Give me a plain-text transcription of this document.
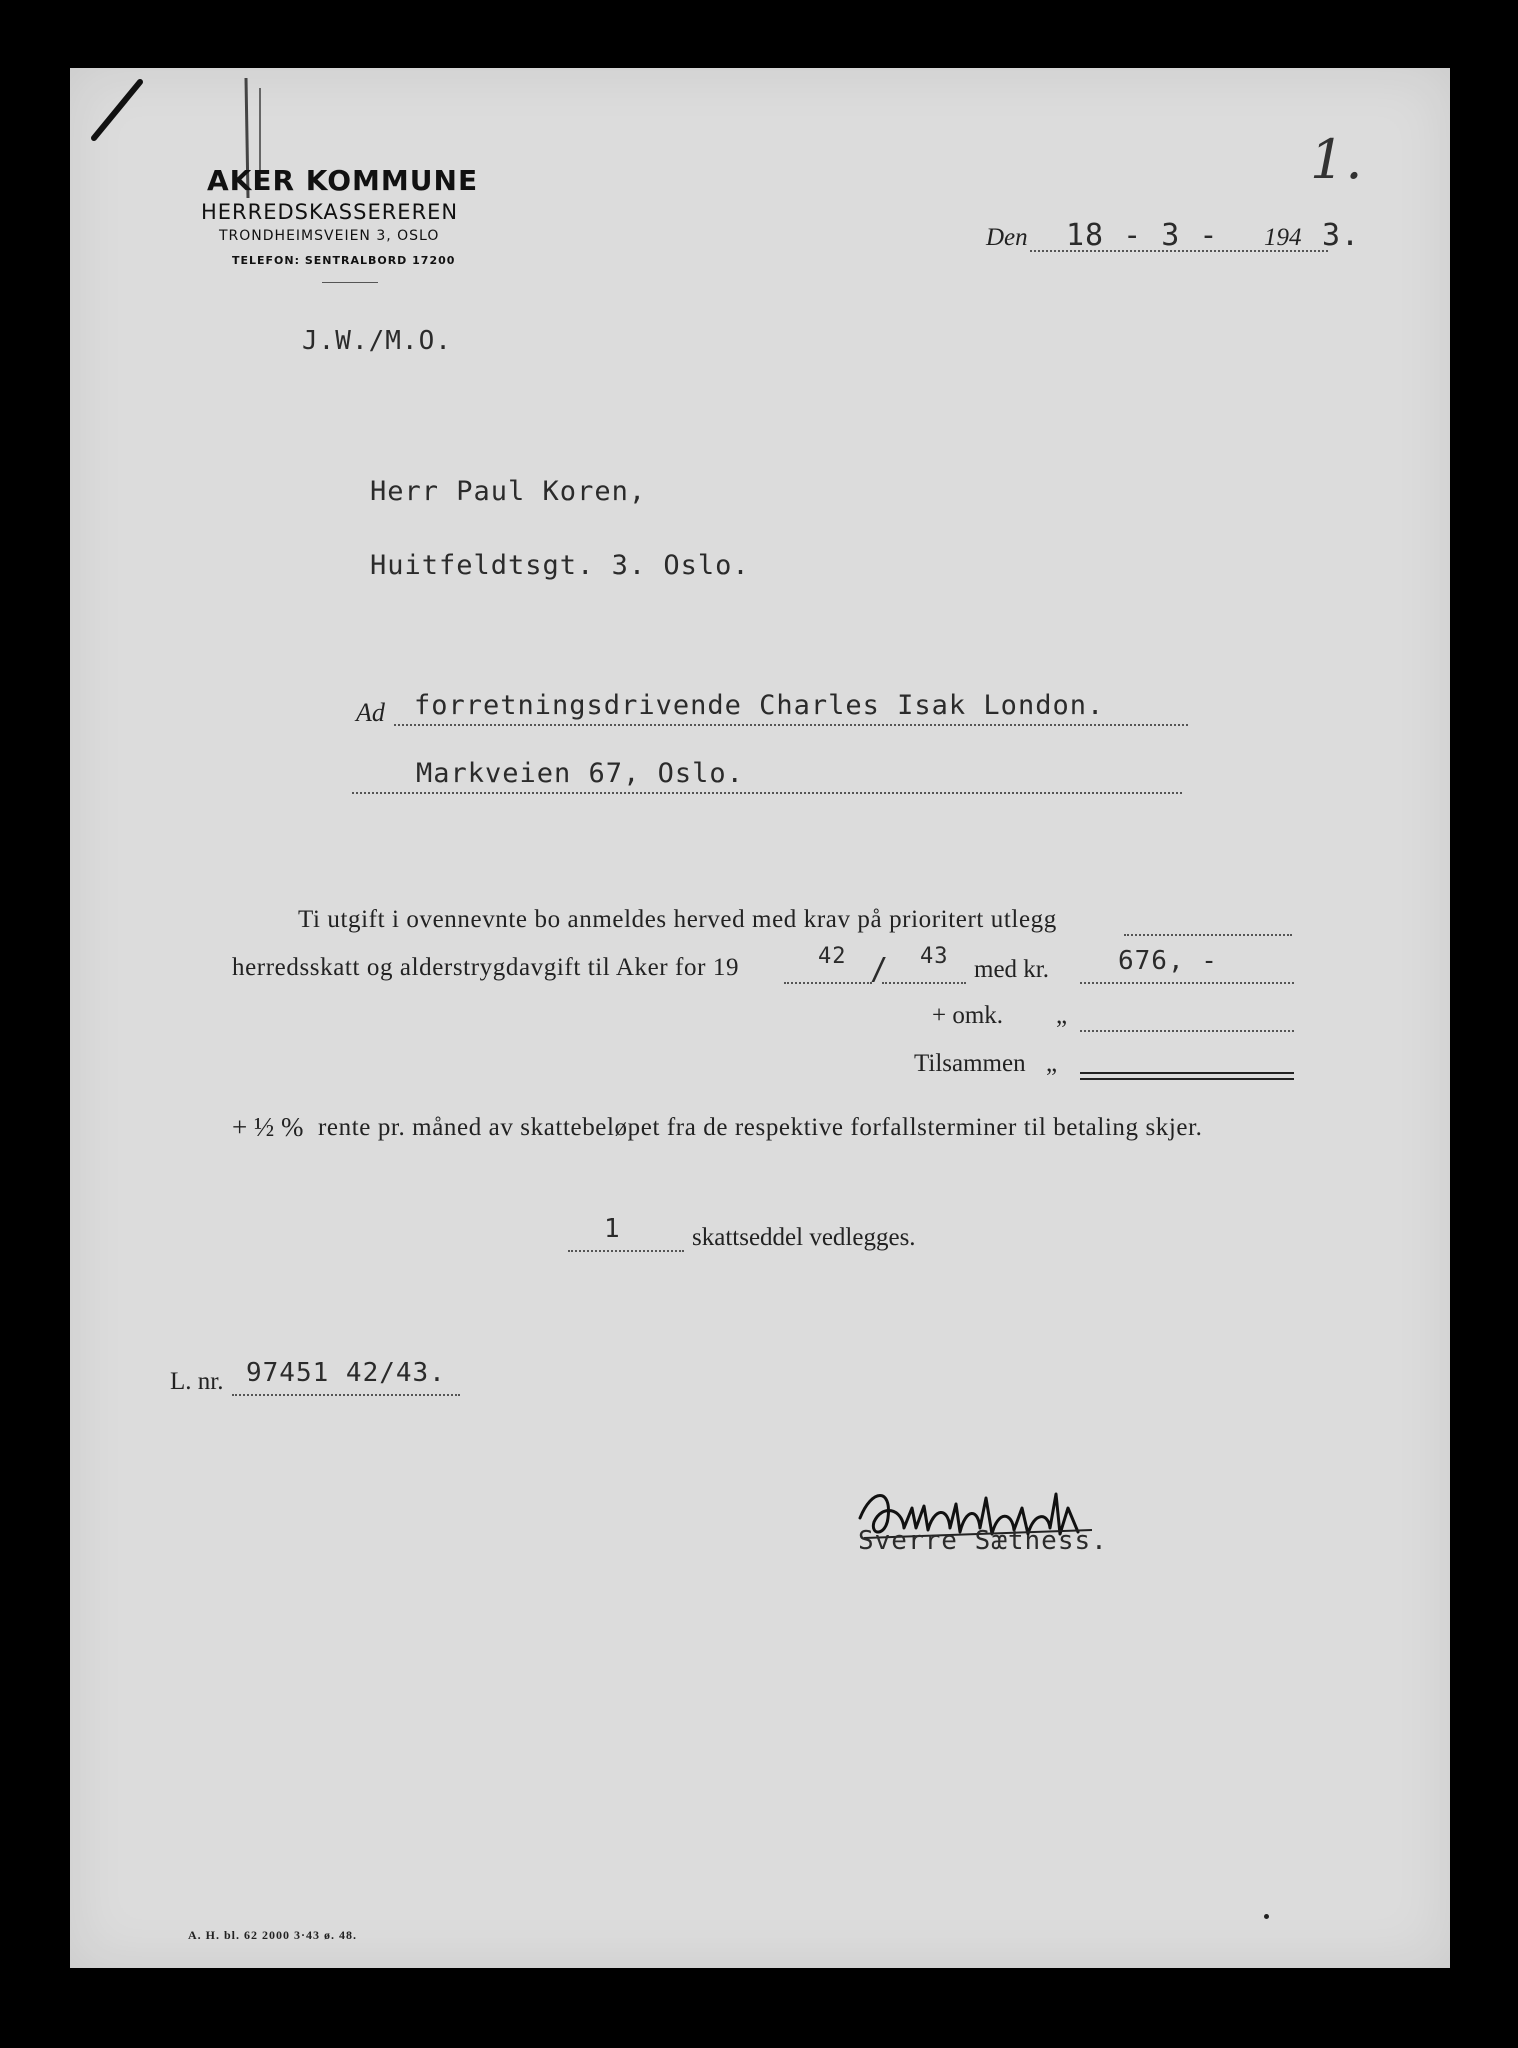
1.
AKER KOMMUNE
HERREDSKASSEREREN
TRONDHEIMSVEIEN 3, OSLO
TELEFON: SENTRALBORD 17200
Den 18 - 3 - 194 3.
J.W./M.O.
Herr Paul Koren,
Huitfeldtsgt. 3. Oslo.
Ad forretningsdrivende Charles Isak London.
Markveien 67, Oslo.
Ti utgift i ovennevnte bo anmeldes herved med krav på prioritert utlegg
herredsskatt og alderstrygdavgift til Aker for 19	42 / 43 med kr.	676, -
+ omk. „
Tilsammen „
+ ½ % rente pr. måned av skattebeløpet fra de respektive forfallsterminer til betaling skjer.
1	skattseddel vedlegges.
L. nr. 97451 42/43.
Sverre Sætness.
A. H. bl. 62 2000 3·43 ø. 48.
